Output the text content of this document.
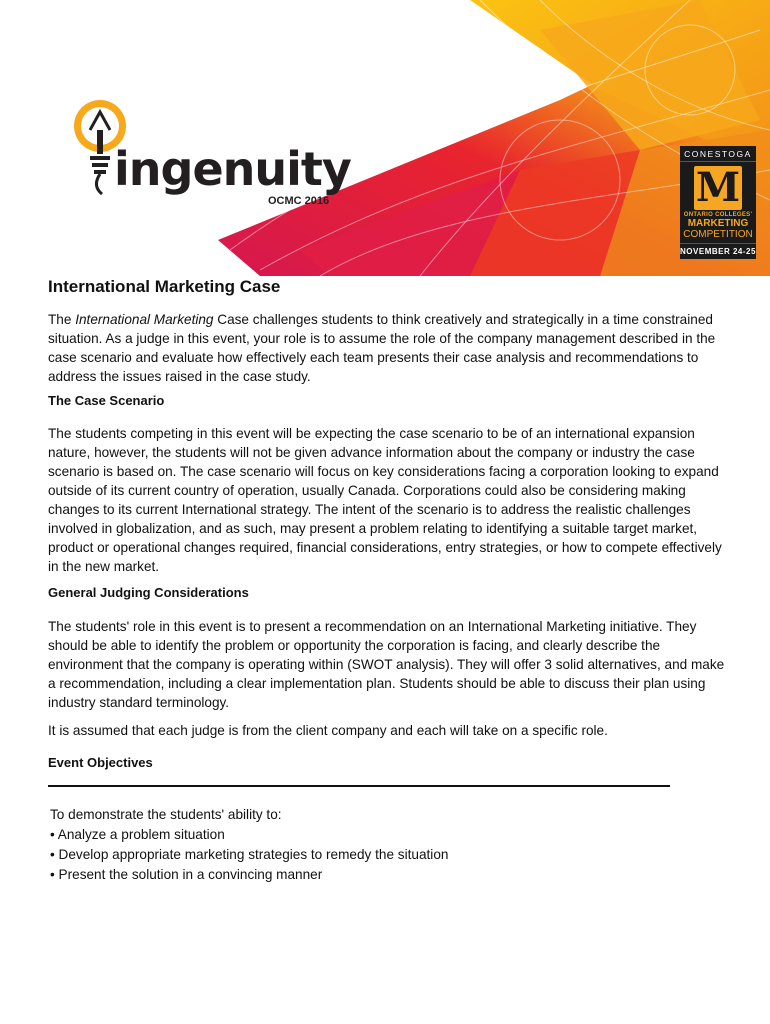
ingenuity
OCMC 2016
CONESTOGA
M
ONTARIO COLLEGES'
MARKETING
COMPETITION
NOVEMBER 24-25
International Marketing Case

The International Marketing Case challenges students to think creatively and strategically in a time constrained situation. As a judge in this event, your role is to assume the role of the company management described in the case scenario and evaluate how effectively each team presents their case analysis and recommendations to address the issues raised in the case study.

The Case Scenario

The students competing in this event will be expecting the case scenario to be of an international expansion nature, however, the students will not be given advance information about the company or industry the case scenario is based on. The case scenario will focus on key considerations facing a corporation looking to expand outside of its current country of operation, usually Canada. Corporations could also be considering making changes to its current International strategy. The intent of the scenario is to address the realistic challenges involved in globalization, and as such, may present a problem relating to identifying a suitable target market, product or operational changes required, financial considerations, entry strategies, or how to compete effectively in the new market.

General Judging Considerations

The students' role in this event is to present a recommendation on an International Marketing initiative. They should be able to identify the problem or opportunity the corporation is facing, and clearly describe the environment that the company is operating within (SWOT analysis). They will offer 3 solid alternatives, and make a recommendation, including a clear implementation plan. Students should be able to discuss their plan using industry standard terminology.

It is assumed that each judge is from the client company and each will take on a specific role.

Event Objectives
To demonstrate the students' ability to:
• Analyze a problem situation
• Develop appropriate marketing strategies to remedy the situation
• Present the solution in a convincing manner
